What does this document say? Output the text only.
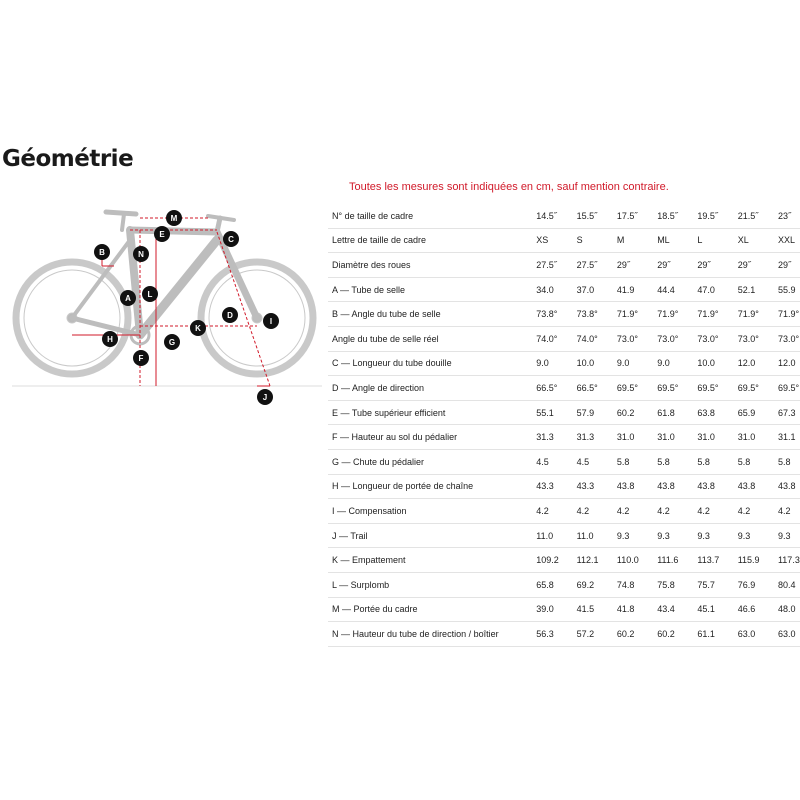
Géométrie
M
E
C
B	N
A L
H	G
F
K
D
I
J
Toutes les mesures sont indiquées en cm, sauf mention contraire.
N° de taille de cadre	14.5˝	15.5˝	17.5˝	18.5˝	19.5˝	21.5˝	23˝
Lettre de taille de cadre	XS	S	M	ML	L	XL	XXL
Diamètre des roues	27.5˝	27.5˝	29˝	29˝	29˝	29˝	29˝
A — Tube de selle	34.0	37.0	41.9	44.4	47.0	52.1	55.9
B — Angle du tube de selle	73.8°	73.8°	71.9°	71.9°	71.9°	71.9°	71.9°
Angle du tube de selle réel	74.0°	74.0°	73.0°	73.0°	73.0°	73.0°	73.0°
C — Longueur du tube douille	9.0	10.0	9.0	9.0	10.0	12.0	12.0
D — Angle de direction	66.5°	66.5°	69.5°	69.5°	69.5°	69.5°	69.5°
E — Tube supérieur efficient	55.1	57.9	60.2	61.8	63.8	65.9	67.3
F — Hauteur au sol du pédalier	31.3	31.3	31.0	31.0	31.0	31.0	31.1
G — Chute du pédalier	4.5	4.5	5.8	5.8	5.8	5.8	5.8
H — Longueur de portée de chaîne	43.3	43.3	43.8	43.8	43.8	43.8	43.8
I — Compensation	4.2	4.2	4.2	4.2	4.2	4.2	4.2
J — Trail	11.0	11.0	9.3	9.3	9.3	9.3	9.3
K — Empattement	109.2	112.1	110.0	111.6	113.7	115.9	117.3
L — Surplomb	65.8	69.2	74.8	75.8	75.7	76.9	80.4
M — Portée du cadre	39.0	41.5	41.8	43.4	45.1	46.6	48.0
N — Hauteur du tube de direction / boîtier	56.3	57.2	60.2	60.2	61.1	63.0	63.0
